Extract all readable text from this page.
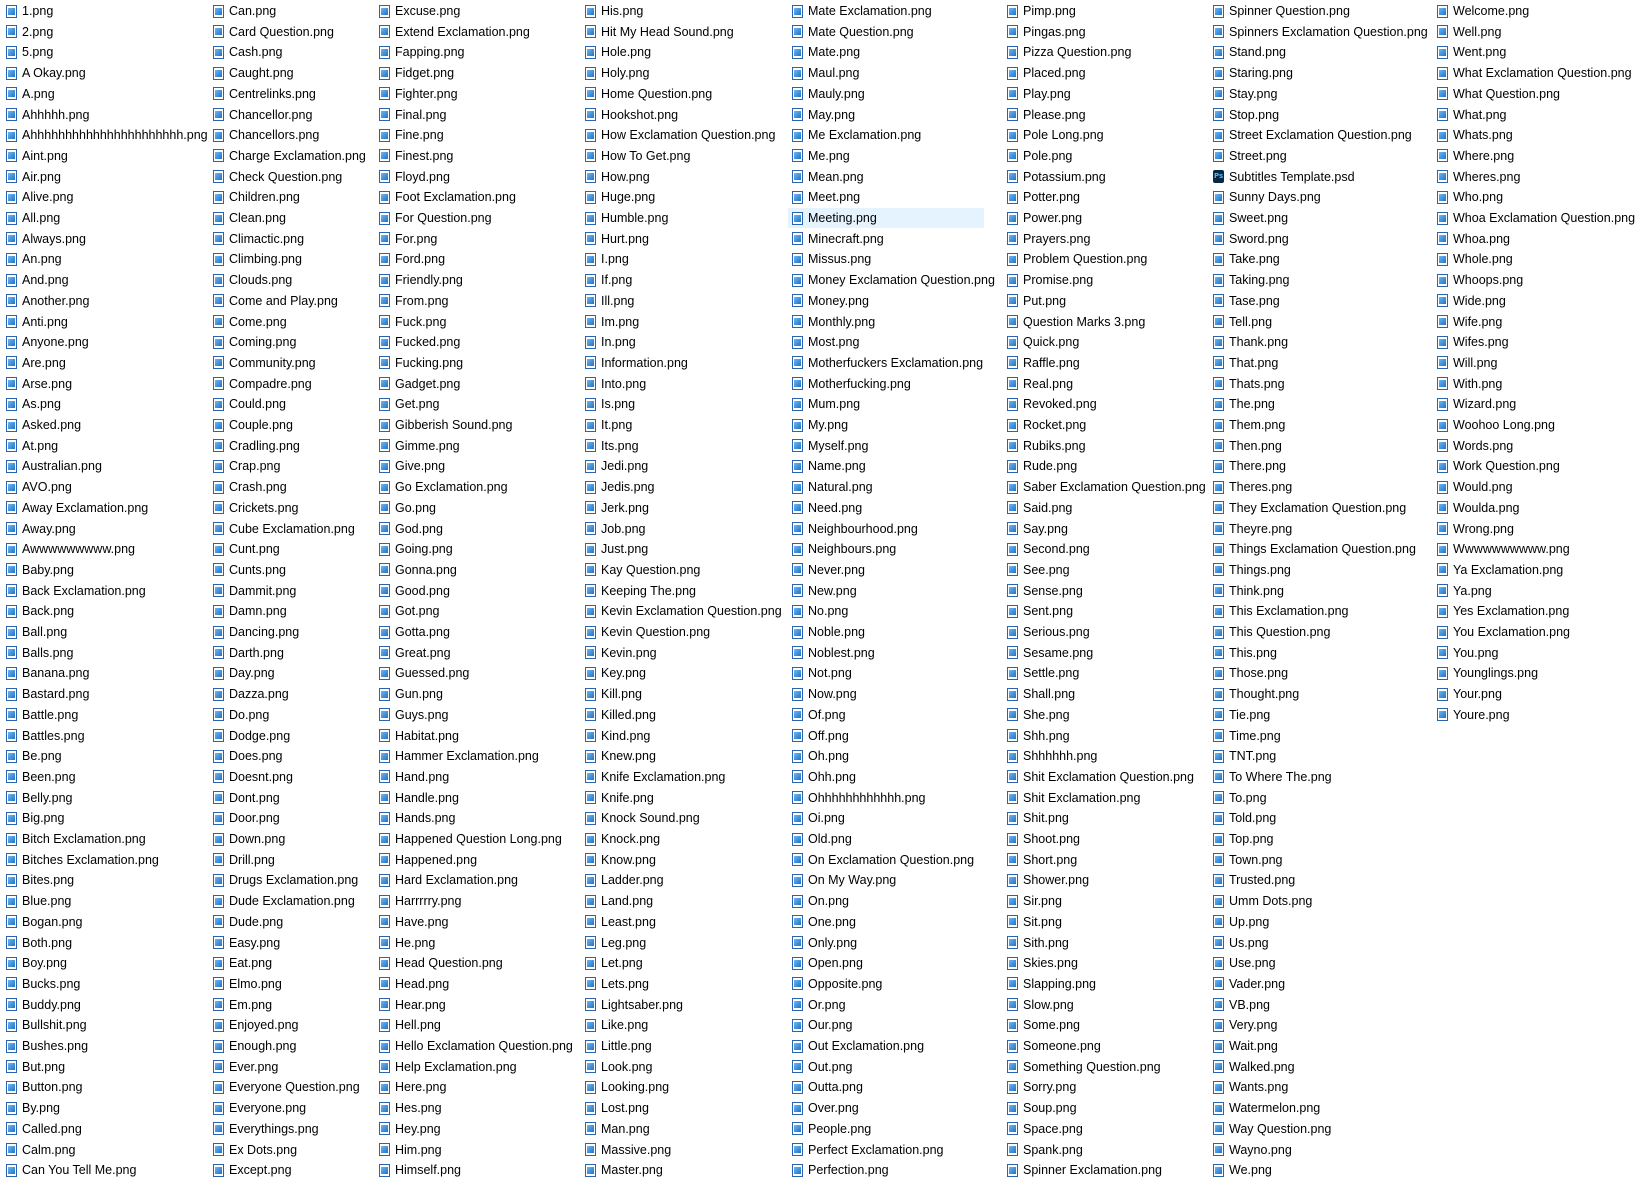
1.png
2.png
5.png
A Okay.png
A.png
Ahhhhh.png
Ahhhhhhhhhhhhhhhhhhhhhh.png
Aint.png
Air.png
Alive.png
All.png
Always.png
An.png
And.png
Another.png
Anti.png
Anyone.png
Are.png
Arse.png
As.png
Asked.png
At.png
Australian.png
AVO.png
Away Exclamation.png
Away.png
Awwwwwwwww.png
Baby.png
Back Exclamation.png
Back.png
Ball.png
Balls.png
Banana.png
Bastard.png
Battle.png
Battles.png
Be.png
Been.png
Belly.png
Big.png
Bitch Exclamation.png
Bitches Exclamation.png
Bites.png
Blue.png
Bogan.png
Both.png
Boy.png
Bucks.png
Buddy.png
Bullshit.png
Bushes.png
But.png
Button.png
By.png
Called.png
Calm.png
Can You Tell Me.png
Can.png
Card Question.png
Cash.png
Caught.png
Centrelinks.png
Chancellor.png
Chancellors.png
Charge Exclamation.png
Check Question.png
Children.png
Clean.png
Climactic.png
Climbing.png
Clouds.png
Come and Play.png
Come.png
Coming.png
Community.png
Compadre.png
Could.png
Couple.png
Cradling.png
Crap.png
Crash.png
Crickets.png
Cube Exclamation.png
Cunt.png
Cunts.png
Dammit.png
Damn.png
Dancing.png
Darth.png
Day.png
Dazza.png
Do.png
Dodge.png
Does.png
Doesnt.png
Dont.png
Door.png
Down.png
Drill.png
Drugs Exclamation.png
Dude Exclamation.png
Dude.png
Easy.png
Eat.png
Elmo.png
Em.png
Enjoyed.png
Enough.png
Ever.png
Everyone Question.png
Everyone.png
Everythings.png
Ex Dots.png
Except.png
Excuse.png
Extend Exclamation.png
Fapping.png
Fidget.png
Fighter.png
Final.png
Fine.png
Finest.png
Floyd.png
Foot Exclamation.png
For Question.png
For.png
Ford.png
Friendly.png
From.png
Fuck.png
Fucked.png
Fucking.png
Gadget.png
Get.png
Gibberish Sound.png
Gimme.png
Give.png
Go Exclamation.png
Go.png
God.png
Going.png
Gonna.png
Good.png
Got.png
Gotta.png
Great.png
Guessed.png
Gun.png
Guys.png
Habitat.png
Hammer Exclamation.png
Hand.png
Handle.png
Hands.png
Happened Question Long.png
Happened.png
Hard Exclamation.png
Harrrrry.png
Have.png
He.png
Head Question.png
Head.png
Hear.png
Hell.png
Hello Exclamation Question.png
Help Exclamation.png
Here.png
Hes.png
Hey.png
Him.png
Himself.png
His.png
Hit My Head Sound.png
Hole.png
Holy.png
Home Question.png
Hookshot.png
How Exclamation Question.png
How To Get.png
How.png
Huge.png
Humble.png
Hurt.png
I.png
If.png
Ill.png
Im.png
In.png
Information.png
Into.png
Is.png
It.png
Its.png
Jedi.png
Jedis.png
Jerk.png
Job.png
Just.png
Kay Question.png
Keeping The.png
Kevin Exclamation Question.png
Kevin Question.png
Kevin.png
Key.png
Kill.png
Killed.png
Kind.png
Knew.png
Knife Exclamation.png
Knife.png
Knock Sound.png
Knock.png
Know.png
Ladder.png
Land.png
Least.png
Leg.png
Let.png
Lets.png
Lightsaber.png
Like.png
Little.png
Look.png
Looking.png
Lost.png
Man.png
Massive.png
Master.png
Mate Exclamation.png
Mate Question.png
Mate.png
Maul.png
Mauly.png
May.png
Me Exclamation.png
Me.png
Mean.png
Meet.png
Meeting.png
Minecraft.png
Missus.png
Money Exclamation Question.png
Money.png
Monthly.png
Most.png
Motherfuckers Exclamation.png
Motherfucking.png
Mum.png
My.png
Myself.png
Name.png
Natural.png
Need.png
Neighbourhood.png
Neighbours.png
Never.png
New.png
No.png
Noble.png
Noblest.png
Not.png
Now.png
Of.png
Off.png
Oh.png
Ohh.png
Ohhhhhhhhhhhh.png
Oi.png
Old.png
On Exclamation Question.png
On My Way.png
On.png
One.png
Only.png
Open.png
Opposite.png
Or.png
Our.png
Out Exclamation.png
Out.png
Outta.png
Over.png
People.png
Perfect Exclamation.png
Perfection.png
Pimp.png
Pingas.png
Pizza Question.png
Placed.png
Play.png
Please.png
Pole Long.png
Pole.png
Potassium.png
Potter.png
Power.png
Prayers.png
Problem Question.png
Promise.png
Put.png
Question Marks 3.png
Quick.png
Raffle.png
Real.png
Revoked.png
Rocket.png
Rubiks.png
Rude.png
Saber Exclamation Question.png
Said.png
Say.png
Second.png
See.png
Sense.png
Sent.png
Serious.png
Sesame.png
Settle.png
Shall.png
She.png
Shh.png
Shhhhhh.png
Shit Exclamation Question.png
Shit Exclamation.png
Shit.png
Shoot.png
Short.png
Shower.png
Sir.png
Sit.png
Sith.png
Skies.png
Slapping.png
Slow.png
Some.png
Someone.png
Something Question.png
Sorry.png
Soup.png
Space.png
Spank.png
Spinner Exclamation.png
Spinner Question.png
Spinners Exclamation Question.png
Stand.png
Staring.png
Stay.png
Stop.png
Street Exclamation Question.png
Street.png
Ps
Subtitles Template.psd
Sunny Days.png
Sweet.png
Sword.png
Take.png
Taking.png
Tase.png
Tell.png
Thank.png
That.png
Thats.png
The.png
Them.png
Then.png
There.png
Theres.png
They Exclamation Question.png
Theyre.png
Things Exclamation Question.png
Things.png
Think.png
This Exclamation.png
This Question.png
This.png
Those.png
Thought.png
Tie.png
Time.png
TNT.png
To Where The.png
To.png
Told.png
Top.png
Town.png
Trusted.png
Umm Dots.png
Up.png
Us.png
Use.png
Vader.png
VB.png
Very.png
Wait.png
Walked.png
Wants.png
Watermelon.png
Way Question.png
Wayno.png
We.png
Welcome.png
Well.png
Went.png
What Exclamation Question.png
What Question.png
What.png
Whats.png
Where.png
Wheres.png
Who.png
Whoa Exclamation Question.png
Whoa.png
Whole.png
Whoops.png
Wide.png
Wife.png
Wifes.png
Will.png
With.png
Wizard.png
Woohoo Long.png
Words.png
Work Question.png
Would.png
Woulda.png
Wrong.png
Wwwwwwwwww.png
Ya Exclamation.png
Ya.png
Yes Exclamation.png
You Exclamation.png
You.png
Younglings.png
Your.png
Youre.png
